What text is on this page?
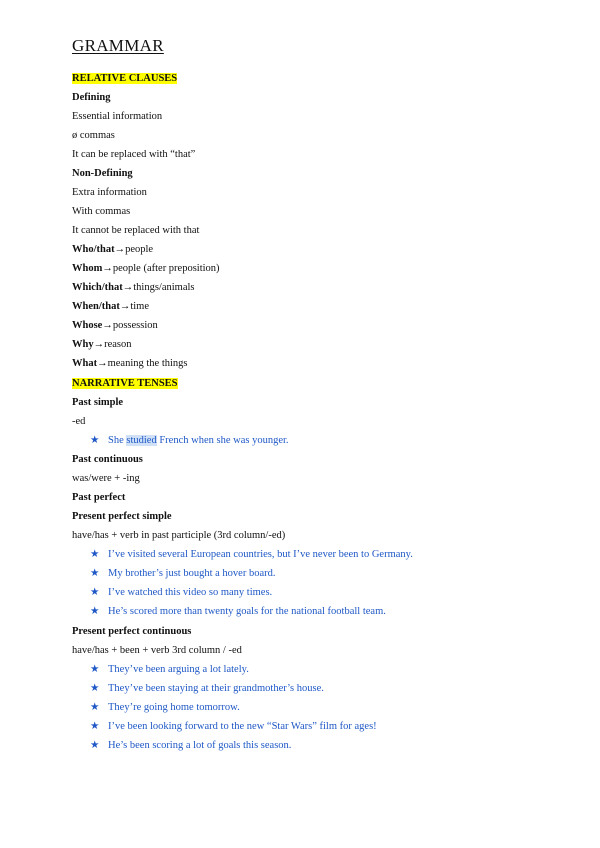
GRAMMAR
RELATIVE CLAUSES
Defining
Essential information
ø commas
It can be replaced with “that”
Non-Defining
Extra information
With commas
It cannot be replaced with that
Who/that→people
Whom→people (after preposition)
Which/that→things/animals
When/that→time
Whose→possession
Why→reason
What→meaning the things
NARRATIVE TENSES
Past simple
-ed
★ She studied French when she was younger.
Past continuous
was/were + -ing
Past perfect
Present perfect simple
have/has + verb in past participle (3rd column/-ed)
★ I’ve visited several European countries, but I’ve never been to Germany.
★ My brother’s just bought a hover board.
★ I’ve watched this video so many times.
★ He’s scored more than twenty goals for the national football team.
Present perfect continuous
have/has + been + verb 3rd column / -ed
★ They’ve been arguing a lot lately.
★ They’ve been staying at their grandmother’s house.
★ They’re going home tomorrow.
★ I’ve been looking forward to the new “Star Wars” film for ages!
★ He’s been scoring a lot of goals this season.
